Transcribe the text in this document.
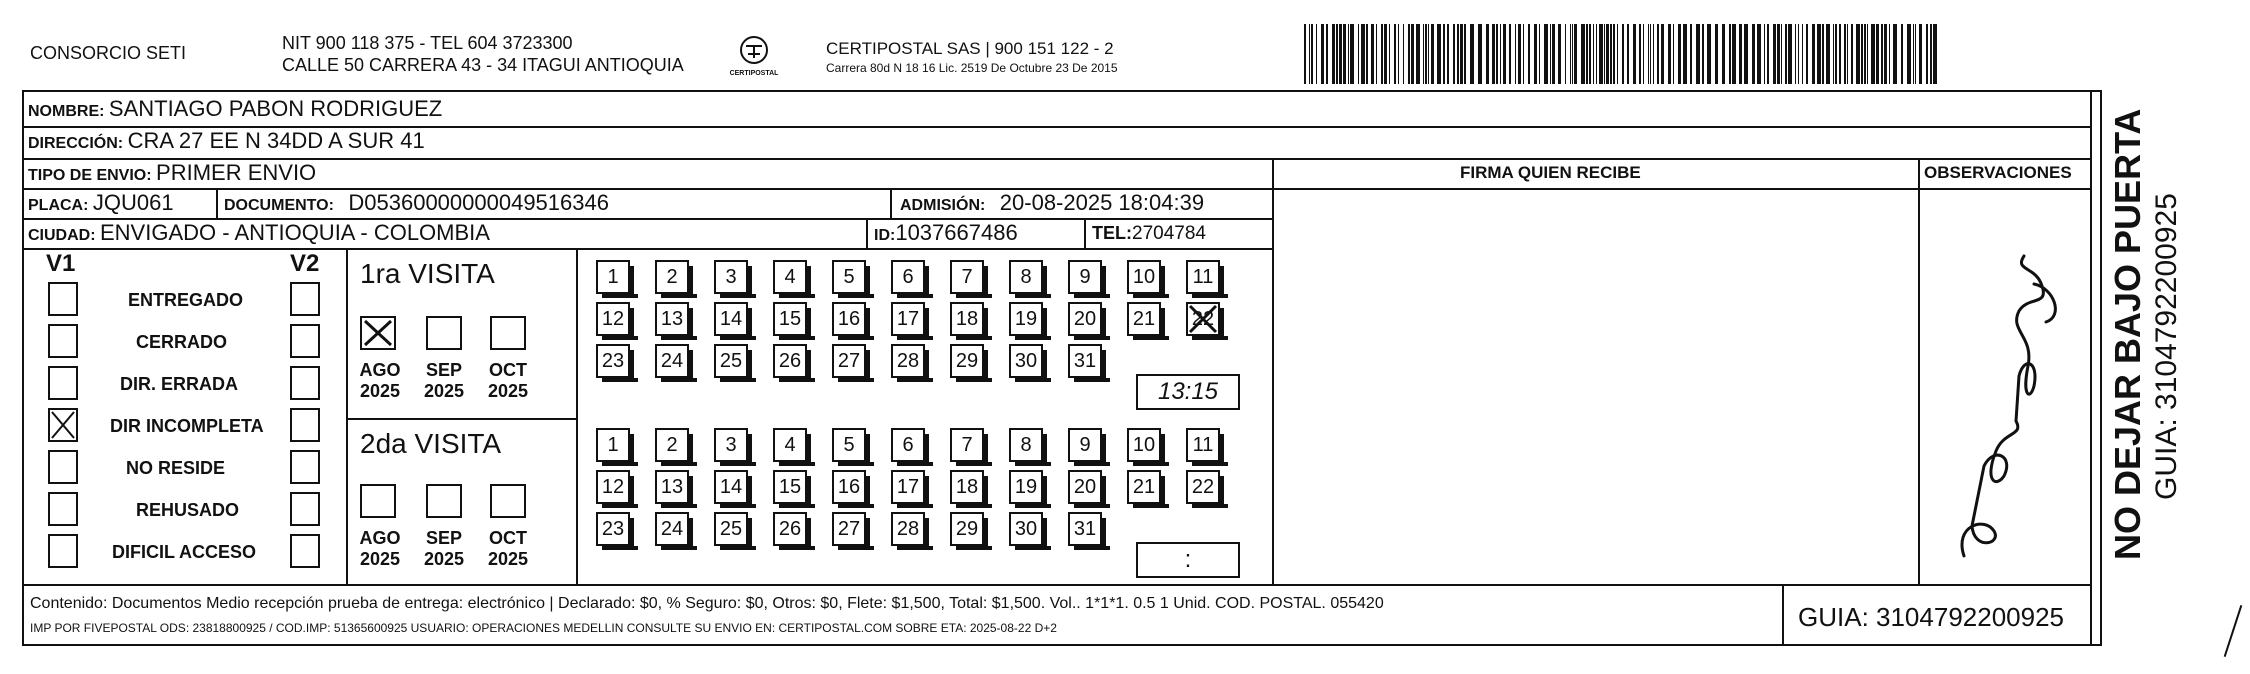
CONSORCIO SETI	NIT 900 118 375 - TEL 604 3723300
CALLE 50 CARRERA 43 - 34 ITAGUI ANTIOQUIA	CERTIPOSTAL
CERTIPOSTAL SAS | 900 151 122 - 2
Carrera 80d N 18 16 Lic. 2519 De Octubre 23 De 2015
NOMBRE: SANTIAGO PABON RODRIGUEZ
DIRECCIÓN: CRA 27 EE N 34DD A SUR 41
TIPO DE ENVIO: PRIMER ENVIO	FIRMA QUIEN RECIBE	OBSERVACIONES
PLACA: JQU061	DOCUMENTO: D05360000000049516346	ADMISIÓN: 20-08-2025 18:04:39
CIUDAD: ENVIGADO - ANTIOQUIA - COLOMBIA	ID:1037667486	TEL:2704784
V1	V2
ENTREGADO
CERRADO
DIR. ERRADA
DIR INCOMPLETA
NO RESIDE
REHUSADO
DIFICIL ACCESO
1ra VISITA
AGO
2025
SEP
2025
OCT
2025
1	2	3	4	5	6	7	8	9	10	11
12 13 14 15 16 17 18 19 20 21 22
23 24 25 26 27 28 29 30 31
13:15
2da VISITA
AGO
2025
SEP
2025
OCT
2025
1	2	3	4	5	6	7	8	9	10	11
12 13 14 15 16 17 18 19 20 21 22
23 24 25 26 27 28 29 30 31
:
Contenido: Documentos Medio recepción prueba de entrega: electrónico | Declarado: $0, % Seguro: $0, Otros: $0, Flete: $1,500, Total: $1,500. Vol.. 1*1*1. 0.5 1 Unid. COD. POSTAL. 055420
IMP POR FIVEPOSTAL ODS: 23818800925 / COD.IMP: 51365600925 USUARIO: OPERACIONES MEDELLIN CONSULTE SU ENVIO EN: CERTIPOSTAL.COM SOBRE ETA: 2025-08-22 D+2	GUIA: 3104792200925
NO DEJAR BAJO PUERTA GUIA: 3104792200925
